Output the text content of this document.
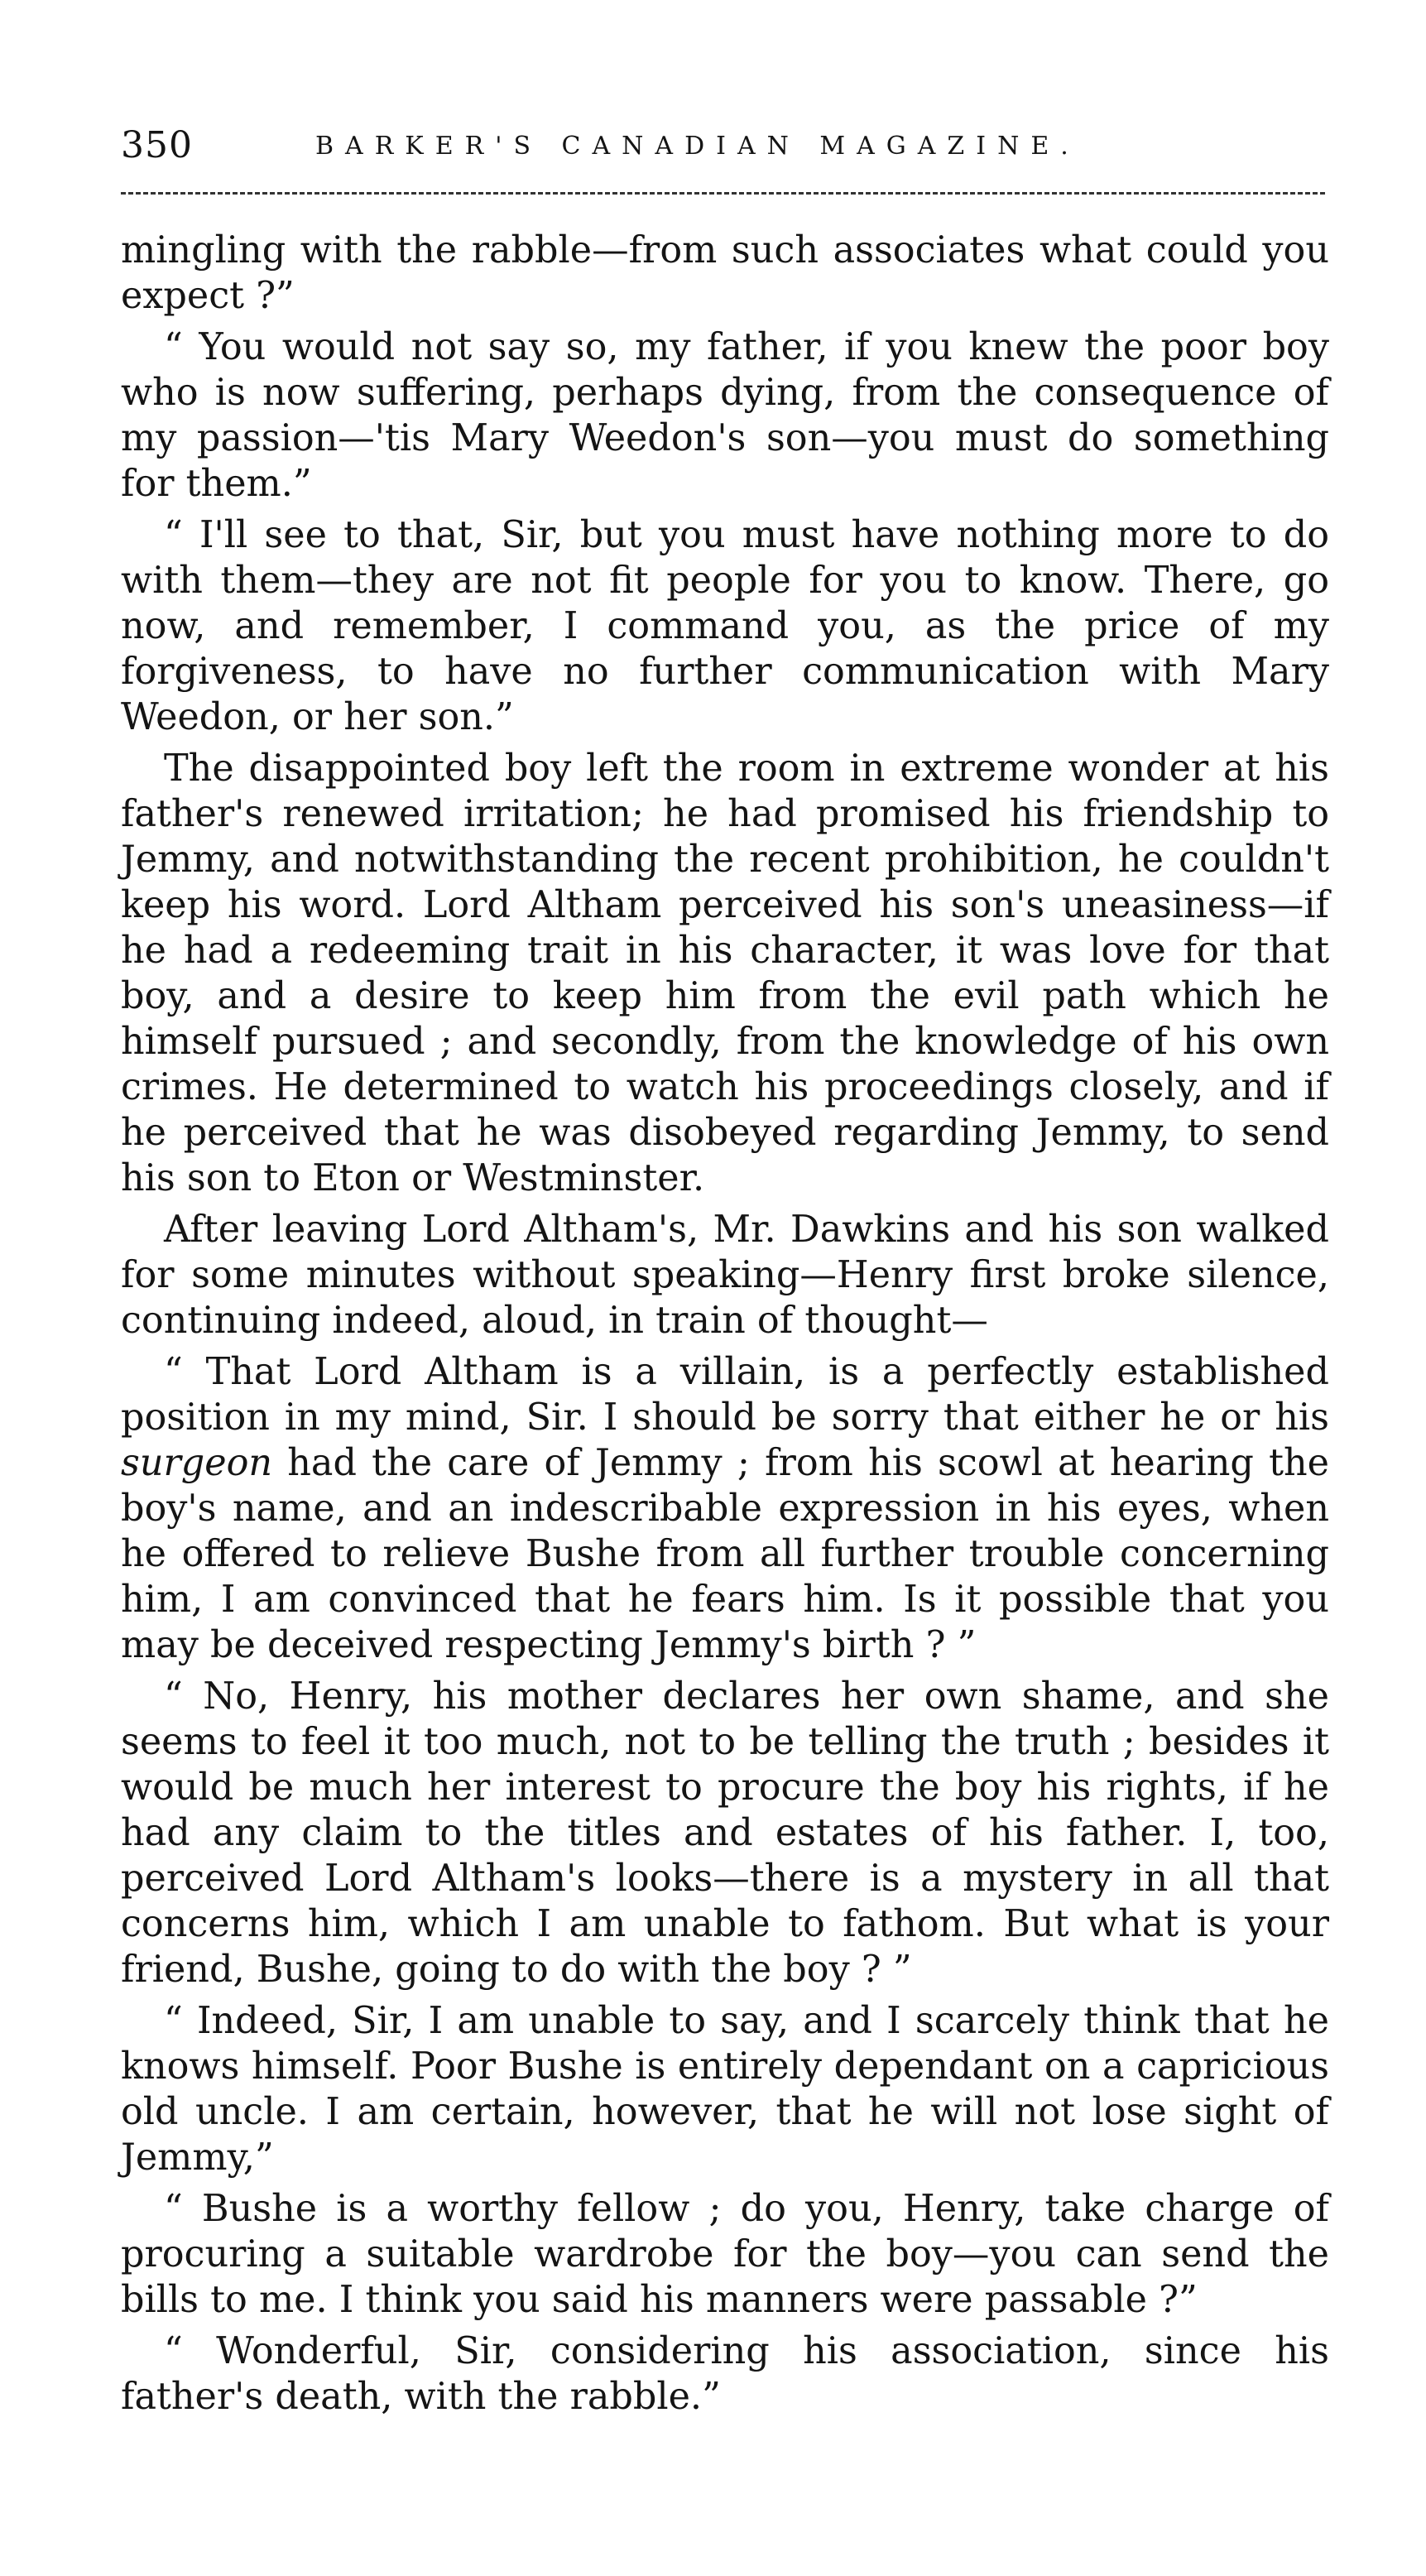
350	BARKER'S CANADIAN MAGAZINE.

mingling with the rabble—from such associates what could you expect ?”

“ You would not say so, my father, if you knew the poor boy who is now suffering, perhaps dying, from the consequence of my passion—'tis Mary Weedon's son—you must do something for them.”

“ I'll see to that, Sir, but you must have nothing more to do with them—they are not fit people for you to know. There, go now, and remember, I command you, as the price of my forgiveness, to have no further communication with Mary Weedon, or her son.”

The disappointed boy left the room in extreme wonder at his father's renewed irritation; he had promised his friendship to Jemmy, and notwithstanding the recent prohibition, he couldn't keep his word. Lord Altham perceived his son's uneasiness—if he had a redeeming trait in his character, it was love for that boy, and a desire to keep him from the evil path which he himself pursued ; and secondly, from the knowledge of his own crimes. He determined to watch his proceedings closely, and if he perceived that he was disobeyed regarding Jemmy, to send his son to Eton or Westminster.

After leaving Lord Altham's, Mr. Dawkins and his son walked for some minutes without speaking—Henry first broke silence, continuing indeed, aloud, in train of thought—

“ That Lord Altham is a villain, is a perfectly established position in my mind, Sir. I should be sorry that either he or his surgeon had the care of Jemmy ; from his scowl at hearing the boy's name, and an indescribable expression in his eyes, when he offered to relieve Bushe from all further trouble concerning him, I am convinced that he fears him. Is it possible that you may be deceived respecting Jemmy's birth ? ”

“ No, Henry, his mother declares her own shame, and she seems to feel it too much, not to be telling the truth ; besides it would be much her interest to procure the boy his rights, if he had any claim to the titles and estates of his father. I, too, perceived Lord Altham's looks—there is a mystery in all that concerns him, which I am unable to fathom. But what is your friend, Bushe, going to do with the boy ? ”

“ Indeed, Sir, I am unable to say, and I scarcely think that he knows himself. Poor Bushe is entirely dependant on a capricious old uncle. I am certain, however, that he will not lose sight of Jemmy,”

“ Bushe is a worthy fellow ; do you, Henry, take charge of procuring a suitable wardrobe for the boy—you can send the bills to me. I think you said his manners were passable ?”

“ Wonderful, Sir, considering his association, since his father's death, with the rabble.”
